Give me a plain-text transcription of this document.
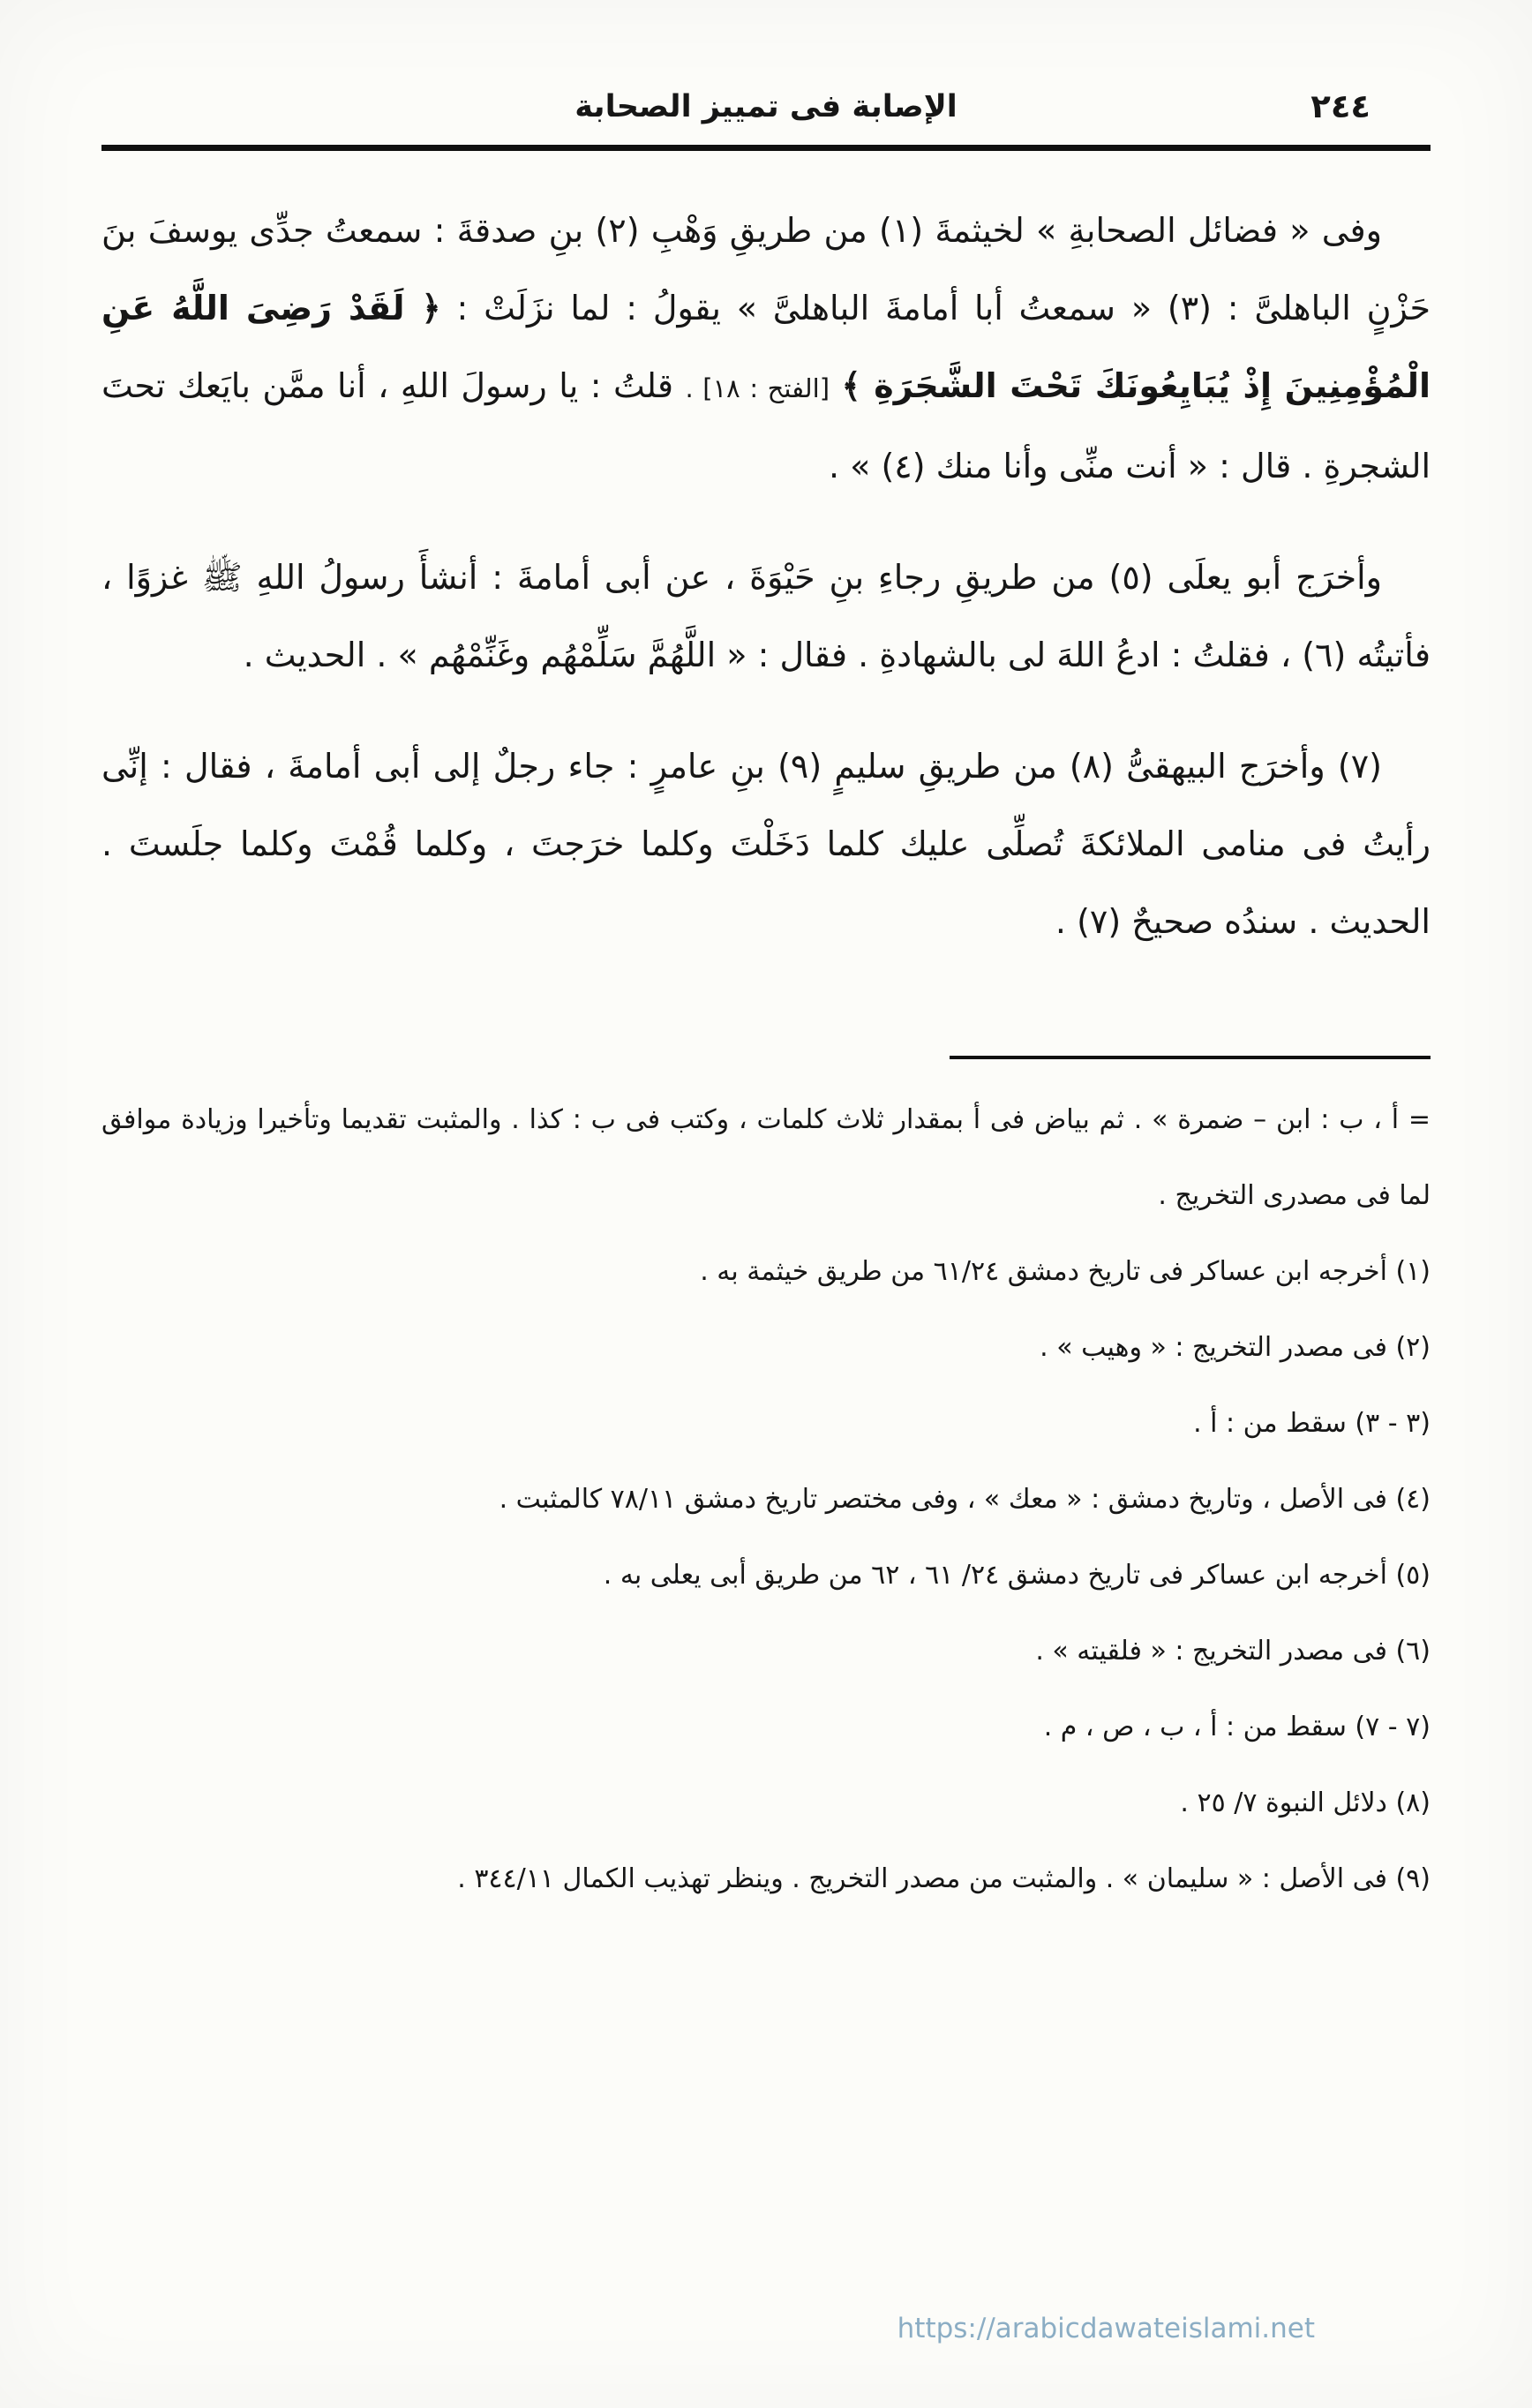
الإصابة فى تمييز الصحابة	٢٤٤

وفى « فضائل الصحابةِ » لخيثمةَ (١) من طريقِ وَهْبِ (٢) بنِ صدقةَ : سمعتُ جدِّى يوسفَ بنَ حَزْنٍ الباهلىَّ : (٣) « سمعتُ أبا أمامةَ الباهلىَّ » يقولُ : لما نزَلَتْ : ﴿ لَقَدْ رَضِىَ اللَّهُ عَنِ الْمُؤْمِنِينَ إِذْ يُبَايِعُونَكَ تَحْتَ الشَّجَرَةِ ﴾ [الفتح : ١٨] . قلتُ : يا رسولَ اللهِ ، أنا ممَّن بايَعك تحتَ الشجرةِ . قال : « أنت منِّى وأنا منك (٤) » .

وأخرَج أبو يعلَى (٥) من طريقِ رجاءِ بنِ حَيْوَةَ ، عن أبى أمامةَ : أنشأَ رسولُ اللهِ ﷺ غزوًا ، فأتيتُه (٦) ، فقلتُ : ادعُ اللهَ لى بالشهادةِ . فقال : « اللَّهُمَّ سَلِّمْهُم وغَنِّمْهُم » . الحديث .

(٧) وأخرَج البيهقىُّ (٨) من طريقِ سليمٍ (٩) بنِ عامرٍ : جاء رجلٌ إلى أبى أمامةَ ، فقال : إنِّى رأيتُ فى منامى الملائكةَ تُصلِّى عليك كلما دَخَلْتَ وكلما خرَجتَ ، وكلما قُمْتَ وكلما جلَستَ . الحديث . سندُه صحيحٌ (٧) .

= أ ، ب : ابن – ضمرة » . ثم بياض فى أ بمقدار ثلاث كلمات ، وكتب فى ب : كذا . والمثبت تقديما وتأخيرا وزيادة موافق لما فى مصدرى التخريج .

(١) أخرجه ابن عساكر فى تاريخ دمشق ٦١/٢٤ من طريق خيثمة به .

(٢) فى مصدر التخريج : « وهيب » .

(٣ - ٣) سقط من : أ .

(٤) فى الأصل ، وتاريخ دمشق : « معك » ، وفى مختصر تاريخ دمشق ٧٨/١١ كالمثبت .

(٥) أخرجه ابن عساكر فى تاريخ دمشق ٢٤/ ٦١ ، ٦٢ من طريق أبى يعلى به .

(٦) فى مصدر التخريج : « فلقيته » .

(٧ - ٧) سقط من : أ ، ب ، ص ، م .

(٨) دلائل النبوة ٧/ ٢٥ .

(٩) فى الأصل : « سليمان » . والمثبت من مصدر التخريج . وينظر تهذيب الكمال ٣٤٤/١١ .

https://arabicdawateislami.net
